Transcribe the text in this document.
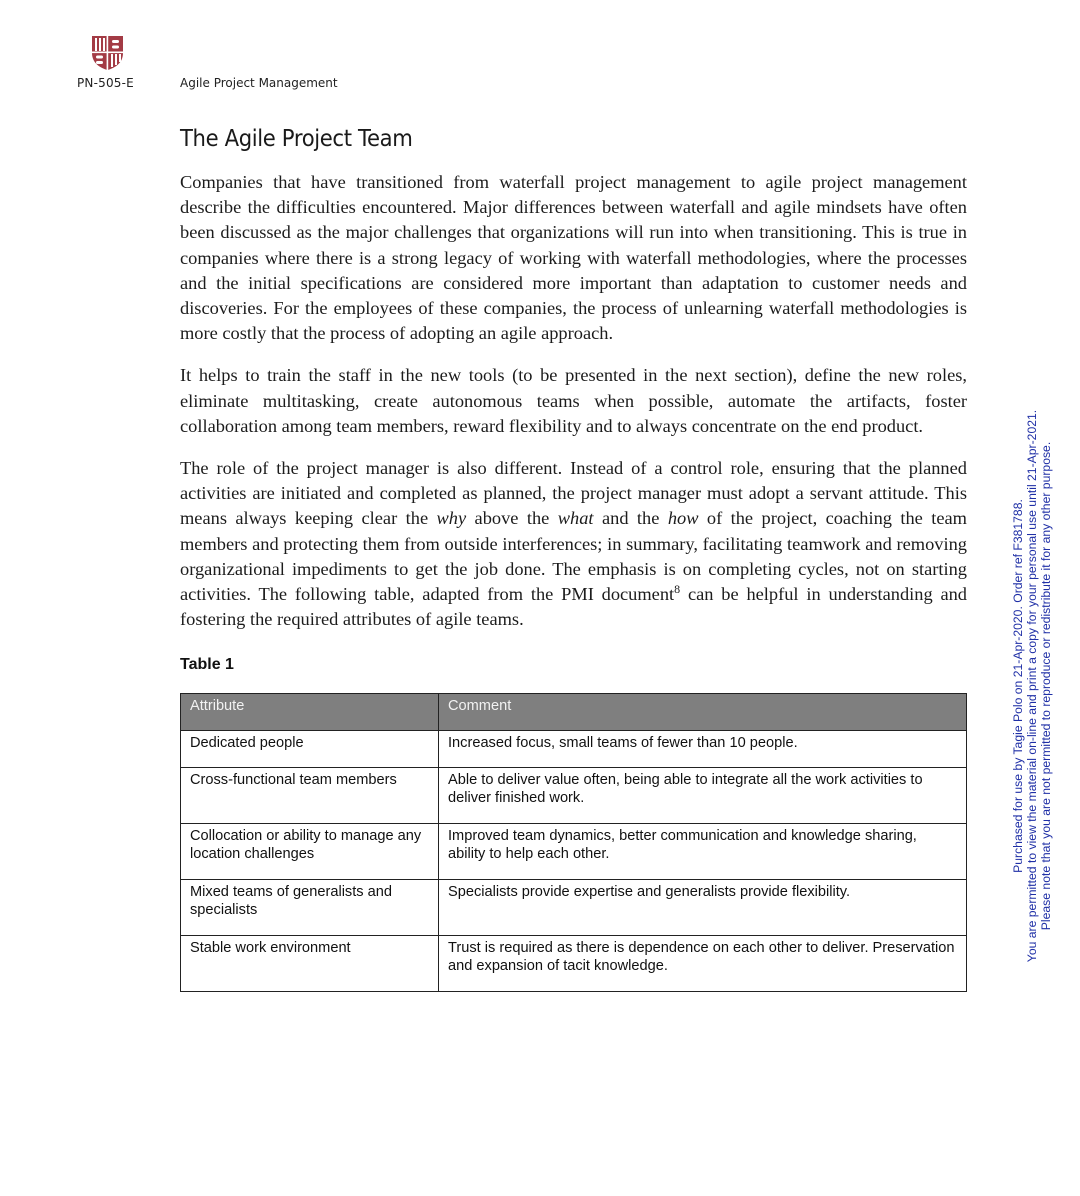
PN-505-E	Agile Project Management
The Agile Project Team

Companies that have transitioned from waterfall project management to agile project management describe the difficulties encountered. Major differences between waterfall and agile mindsets have often been discussed as the major challenges that organizations will run into when transitioning. This is true in companies where there is a strong legacy of working with waterfall methodologies, where the processes and the initial specifications are considered more important than adaptation to customer needs and discoveries. For the employees of these companies, the process of unlearning waterfall methodologies is more costly that the process of adopting an agile approach.

It helps to train the staff in the new tools (to be presented in the next section), define the new roles, eliminate multitasking, create autonomous teams when possible, automate the artifacts, foster collaboration among team members, reward flexibility and to always concentrate on the end product.

The role of the project manager is also different. Instead of a control role, ensuring that the planned activities are initiated and completed as planned, the project manager must adopt a servant attitude. This means always keeping clear the why above the what and the how of the project, coaching the team members and protecting them from outside interferences; in summary, facilitating teamwork and removing organizational impediments to get the job done. The emphasis is on completing cycles, not on starting activities. The following table, adapted from the PMI document$^8$ can be helpful in understanding and fostering the required attributes of agile teams.

Table 1
Attribute	Comment
Dedicated people	Increased focus, small teams of fewer than 10 people.
Cross-functional team members	Able to deliver value often, being able to integrate all the work activities to deliver finished work.
Collocation or ability to manage any location challenges	Improved team dynamics, better communication and knowledge sharing, ability to help each other.
Mixed teams of generalists and specialists	Specialists provide expertise and generalists provide flexibility.
Stable work environment	Trust is required as there is dependence on each other to deliver. Preservation and expansion of tacit knowledge.
Purchased for use by Tagie Polo on 21-Apr-2020. Order ref F381788. You are permitted to view the material on-line and print a copy for your personal use until 21-Apr-2021. Please note that you are not permitted to reproduce or redistribute it for any other purpose.
